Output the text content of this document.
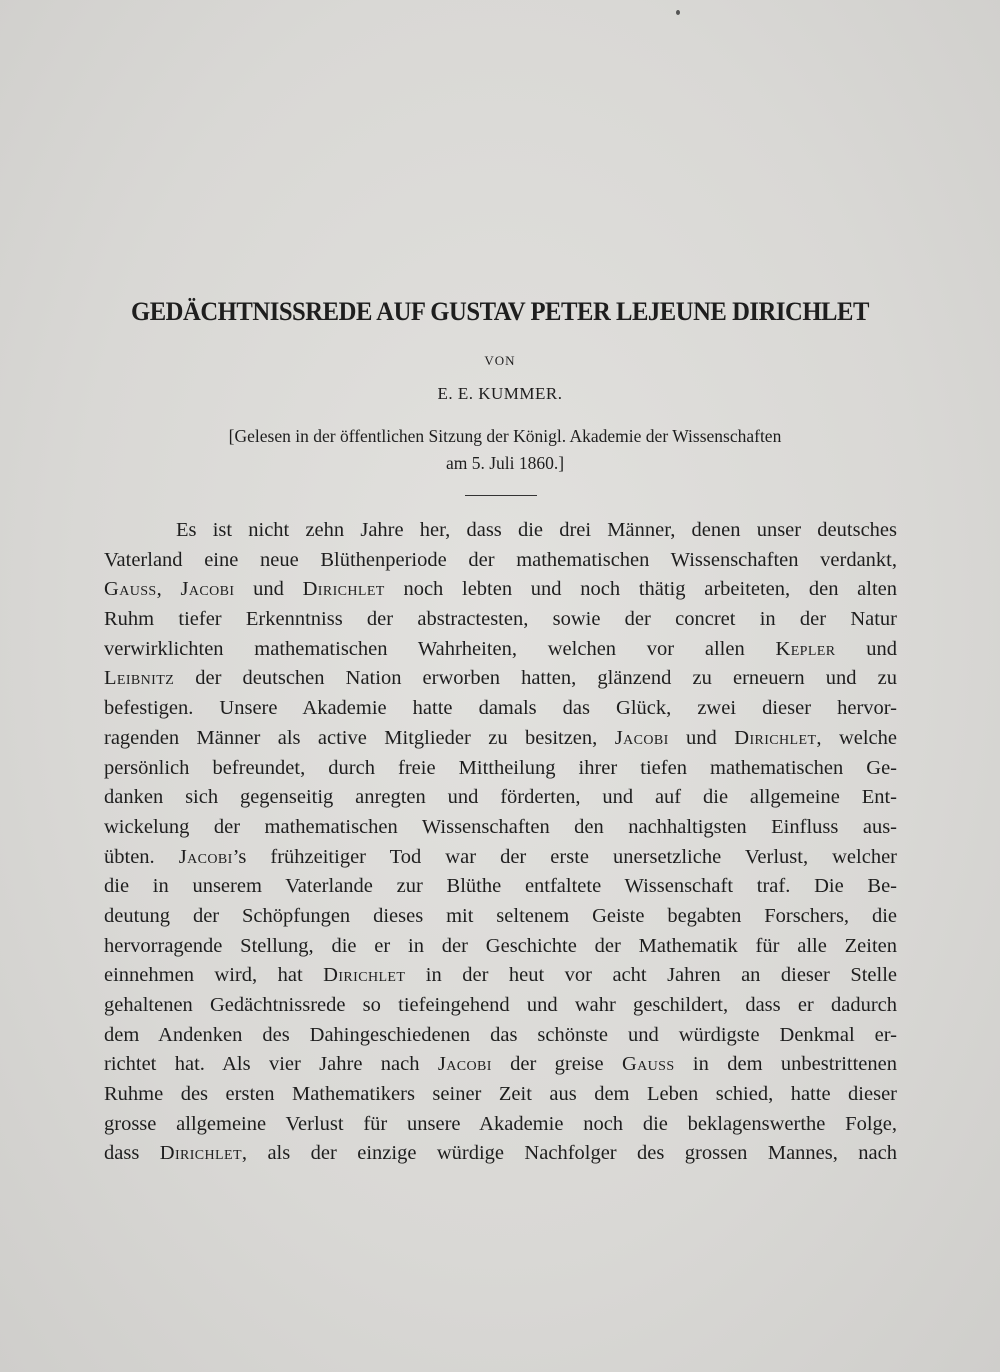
GEDÄCHTNISSREDE AUF GUSTAV PETER LEJEUNE DIRICHLET
VON
E. E. KUMMER.
[Gelesen in der öffentlichen Sitzung der Königl. Akademie der Wissenschaften
am 5. Juli 1860.]
Es ist nicht zehn Jahre her, dass die drei Männer, denen unser deutsches
Vaterland eine neue Blüthenperiode der mathematischen Wissenschaften verdankt,
Gauss, Jacobi und Dirichlet noch lebten und noch thätig arbeiteten, den alten
Ruhm tiefer Erkenntniss der abstractesten, sowie der concret in der Natur
verwirklichten mathematischen Wahrheiten, welchen vor allen Kepler und
Leibnitz der deutschen Nation erworben hatten, glänzend zu erneuern und zu
befestigen. Unsere Akademie hatte damals das Glück, zwei dieser hervor-
ragenden Männer als active Mitglieder zu besitzen, Jacobi und Dirichlet, welche
persönlich befreundet, durch freie Mittheilung ihrer tiefen mathematischen Ge-
danken sich gegenseitig anregten und förderten, und auf die allgemeine Ent-
wickelung der mathematischen Wissenschaften den nachhaltigsten Einfluss aus-
übten. Jacobi’s frühzeitiger Tod war der erste unersetzliche Verlust, welcher
die in unserem Vaterlande zur Blüthe entfaltete Wissenschaft traf. Die Be-
deutung der Schöpfungen dieses mit seltenem Geiste begabten Forschers, die
hervorragende Stellung, die er in der Geschichte der Mathematik für alle Zeiten
einnehmen wird, hat Dirichlet in der heut vor acht Jahren an dieser Stelle
gehaltenen Gedächtnissrede so tiefeingehend und wahr geschildert, dass er dadurch
dem Andenken des Dahingeschiedenen das schönste und würdigste Denkmal er-
richtet hat. Als vier Jahre nach Jacobi der greise Gauss in dem unbestrittenen
Ruhme des ersten Mathematikers seiner Zeit aus dem Leben schied, hatte dieser
grosse allgemeine Verlust für unsere Akademie noch die beklagenswerthe Folge,
dass Dirichlet, als der einzige würdige Nachfolger des grossen Mannes, nach
